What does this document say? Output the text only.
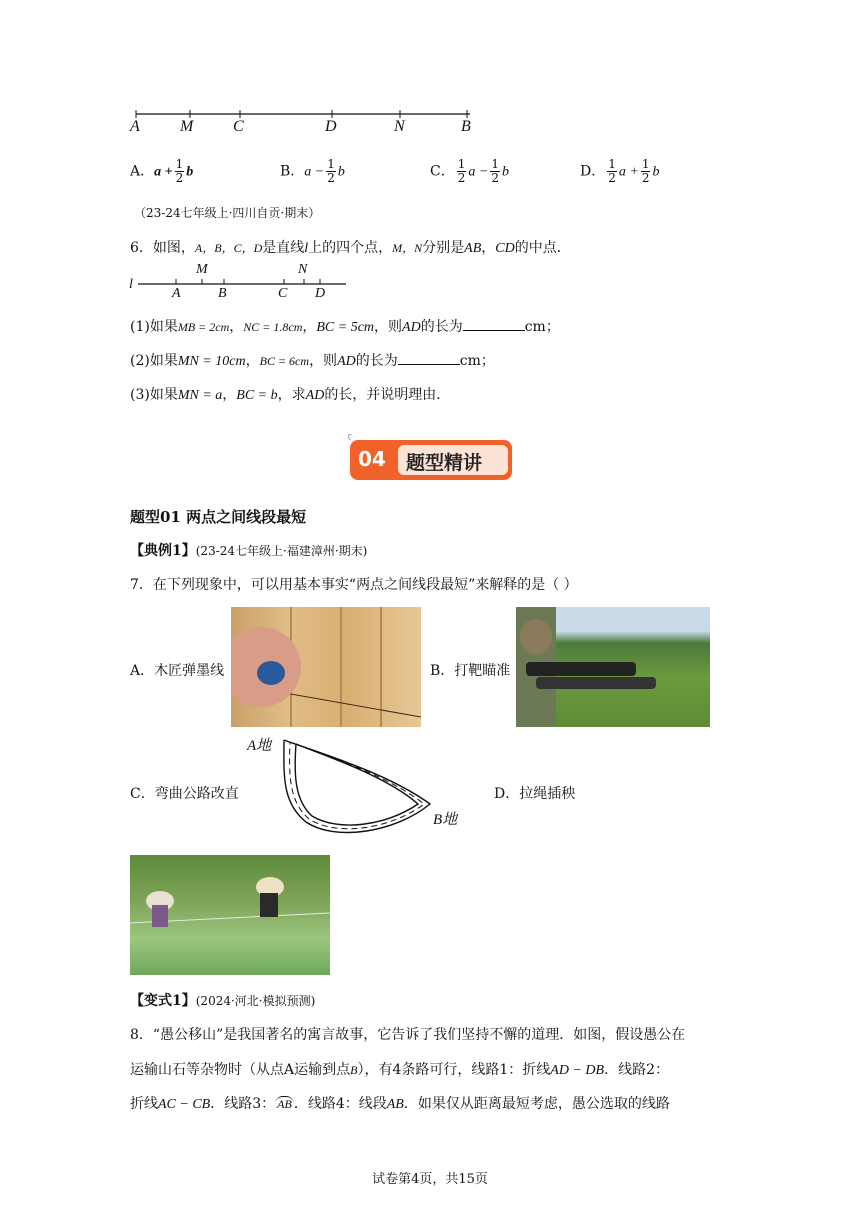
A	M C	D	N	B
A．$a + \frac{1}{2}$ b	B．$a - \frac{1}{2}$ b	C． $\frac{1}{2}$ $a - \frac{1}{2}$ b	D． $\frac{1}{2}$ $a + \frac{1}{2}$ b
（23-24七年级上·四川自贡·期末）
6．如图，A，B，C，D是直线l上的四个点，M，N分别是AB，CD的中点．
l
M	N
A	B	C D
(1)如果MB = 2cm，NC = 1.8cm，BC = 5cm，则AD的长为	cm；
(2)如果MN = 10cm，BC = 6cm，则AD的长为	cm；
(3)如果MN = a，BC = b，求AD的长，并说明理由．
04 题型精讲
题型01 两点之间线段最短
【典例1】(23-24七年级上·福建漳州·期末)
7．在下列现象中，可以用基本事实“两点之间线段最短”来解释的是（ ）
A．木匠弹墨线	B．打靶瞄准
C．弯曲公路改直
A地
B地
D．拉绳插秧
【变式1】(2024·河北·模拟预测)
8．“愚公移山”是我国著名的寓言故事，它告诉了我们坚持不懈的道理．如图，假设愚公在
运输山石等杂物时（从点A运输到点B），有4条路可行，线路1：折线AD − DB．线路2：
折线AC − CB．线路3： AB ．线路4：线段AB．如果仅从距离最短考虑，愚公选取的线路
试卷第4页，共15页
